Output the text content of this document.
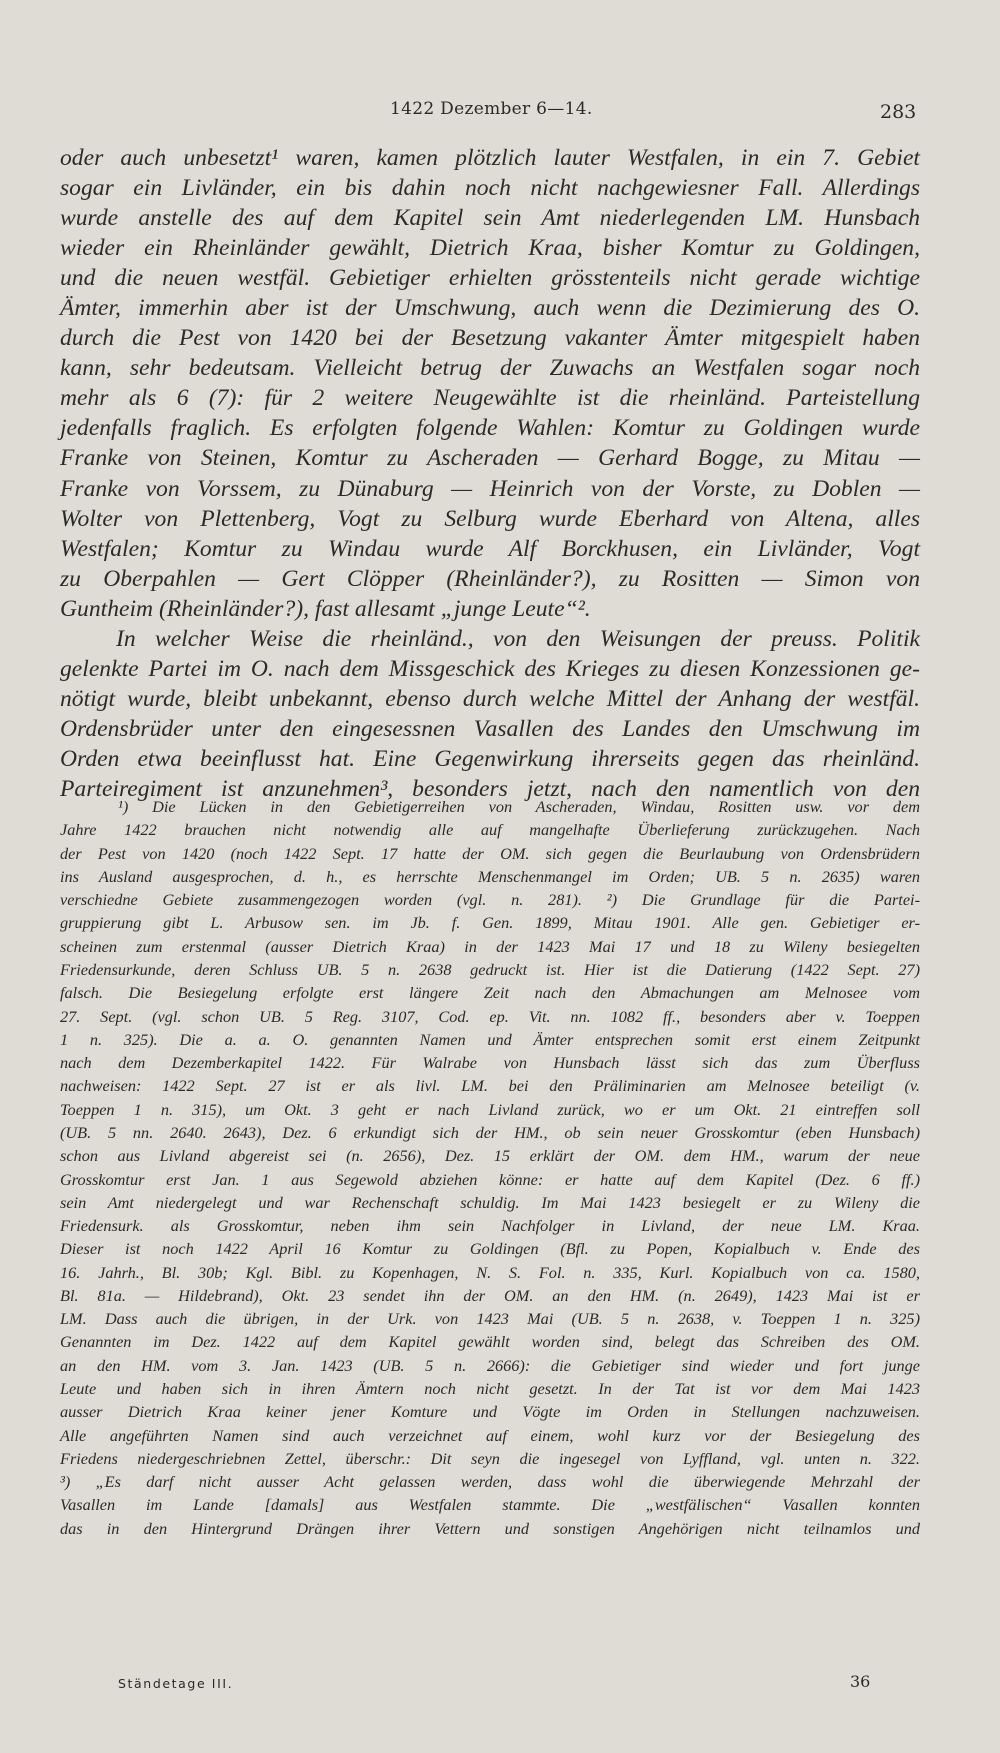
1422 Dezember 6—14.	283
oder auch unbesetzt¹ waren, kamen plötzlich lauter Westfalen, in ein 7. Gebiet
sogar ein Livländer, ein bis dahin noch nicht nachgewiesner Fall. Allerdings
wurde anstelle des auf dem Kapitel sein Amt niederlegenden LM. Hunsbach
wieder ein Rheinländer gewählt, Dietrich Kraa, bisher Komtur zu Goldingen,
und die neuen westfäl. Gebietiger erhielten grösstenteils nicht gerade wichtige
Ämter, immerhin aber ist der Umschwung, auch wenn die Dezimierung des O.
durch die Pest von 1420 bei der Besetzung vakanter Ämter mitgespielt haben
kann, sehr bedeutsam. Vielleicht betrug der Zuwachs an Westfalen sogar noch
mehr als 6 (7): für 2 weitere Neugewählte ist die rheinländ. Parteistellung
jedenfalls fraglich. Es erfolgten folgende Wahlen: Komtur zu Goldingen wurde
Franke von Steinen, Komtur zu Ascheraden — Gerhard Bogge, zu Mitau —
Franke von Vorssem, zu Dünaburg — Heinrich von der Vorste, zu Doblen —
Wolter von Plettenberg, Vogt zu Selburg wurde Eberhard von Altena, alles
Westfalen; Komtur zu Windau wurde Alf Borckhusen, ein Livländer, Vogt
zu Oberpahlen — Gert Clöpper (Rheinländer?), zu Rositten — Simon von
Guntheim (Rheinländer?), fast allesamt „junge Leute“².
In welcher Weise die rheinländ., von den Weisungen der preuss. Politik
gelenkte Partei im O. nach dem Missgeschick des Krieges zu diesen Konzessionen ge-
nötigt wurde, bleibt unbekannt, ebenso durch welche Mittel der Anhang der westfäl.
Ordensbrüder unter den eingesessnen Vasallen des Landes den Umschwung im
Orden etwa beeinflusst hat. Eine Gegenwirkung ihrerseits gegen das rheinländ.
Parteiregiment ist anzunehmen³, besonders jetzt, nach den namentlich von den
¹) Die Lücken in den Gebietigerreihen von Ascheraden, Windau, Rositten usw. vor dem
Jahre 1422 brauchen nicht notwendig alle auf mangelhafte Überlieferung zurückzugehen. Nach
der Pest von 1420 (noch 1422 Sept. 17 hatte der OM. sich gegen die Beurlaubung von Ordensbrüdern
ins Ausland ausgesprochen, d. h., es herrschte Menschenmangel im Orden; UB. 5 n. 2635) waren
verschiedne Gebiete zusammengezogen worden (vgl. n. 281). ²) Die Grundlage für die Partei-
gruppierung gibt L. Arbusow sen. im Jb. f. Gen. 1899, Mitau 1901. Alle gen. Gebietiger er-
scheinen zum erstenmal (ausser Dietrich Kraa) in der 1423 Mai 17 und 18 zu Wileny besiegelten
Friedensurkunde, deren Schluss UB. 5 n. 2638 gedruckt ist. Hier ist die Datierung (1422 Sept. 27)
falsch. Die Besiegelung erfolgte erst längere Zeit nach den Abmachungen am Melnosee vom
27. Sept. (vgl. schon UB. 5 Reg. 3107, Cod. ep. Vit. nn. 1082 ff., besonders aber v. Toeppen
1 n. 325). Die a. a. O. genannten Namen und Ämter entsprechen somit erst einem Zeitpunkt
nach dem Dezemberkapitel 1422. Für Walrabe von Hunsbach lässt sich das zum Überfluss
nachweisen: 1422 Sept. 27 ist er als livl. LM. bei den Präliminarien am Melnosee beteiligt (v.
Toeppen 1 n. 315), um Okt. 3 geht er nach Livland zurück, wo er um Okt. 21 eintreffen soll
(UB. 5 nn. 2640. 2643), Dez. 6 erkundigt sich der HM., ob sein neuer Grosskomtur (eben Hunsbach)
schon aus Livland abgereist sei (n. 2656), Dez. 15 erklärt der OM. dem HM., warum der neue
Grosskomtur erst Jan. 1 aus Segewold abziehen könne: er hatte auf dem Kapitel (Dez. 6 ff.)
sein Amt niedergelegt und war Rechenschaft schuldig. Im Mai 1423 besiegelt er zu Wileny die
Friedensurk. als Grosskomtur, neben ihm sein Nachfolger in Livland, der neue LM. Kraa.
Dieser ist noch 1422 April 16 Komtur zu Goldingen (Bfl. zu Popen, Kopialbuch v. Ende des
16. Jahrh., Bl. 30b; Kgl. Bibl. zu Kopenhagen, N. S. Fol. n. 335, Kurl. Kopialbuch von ca. 1580,
Bl. 81a. — Hildebrand), Okt. 23 sendet ihn der OM. an den HM. (n. 2649), 1423 Mai ist er
LM. Dass auch die übrigen, in der Urk. von 1423 Mai (UB. 5 n. 2638, v. Toeppen 1 n. 325)
Genannten im Dez. 1422 auf dem Kapitel gewählt worden sind, belegt das Schreiben des OM.
an den HM. vom 3. Jan. 1423 (UB. 5 n. 2666): die Gebietiger sind wieder und fort junge
Leute und haben sich in ihren Ämtern noch nicht gesetzt. In der Tat ist vor dem Mai 1423
ausser Dietrich Kraa keiner jener Komture und Vögte im Orden in Stellungen nachzuweisen.
Alle angeführten Namen sind auch verzeichnet auf einem, wohl kurz vor der Besiegelung des
Friedens niedergeschriebnen Zettel, überschr.: Dit seyn die ingesegel von Lyffland, vgl. unten n. 322.
³) „Es darf nicht ausser Acht gelassen werden, dass wohl die überwiegende Mehrzahl der
Vasallen im Lande [damals] aus Westfalen stammte. Die „westfälischen“ Vasallen konnten
das in den Hintergrund Drängen ihrer Vettern und sonstigen Angehörigen nicht teilnamlos und
Ständetage III.	36
